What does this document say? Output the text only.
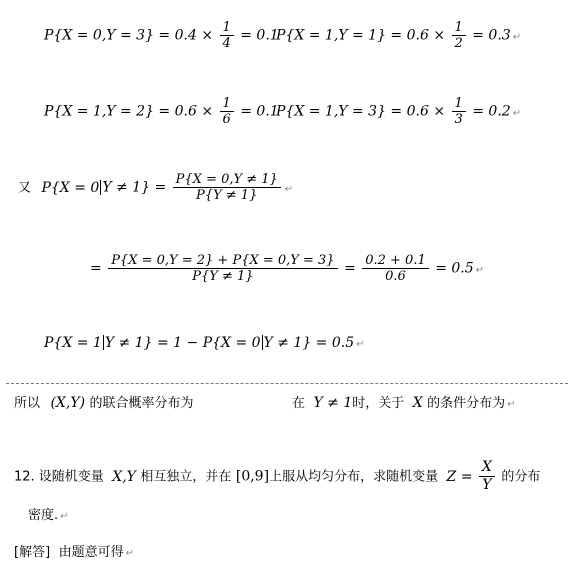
$P\{X = 0,Y = 3\} = 0.4 \times \frac{1}{4} = 0.1$
$P\{X = 1,Y = 1\} = 0.6 \times \frac{1}{2} = 0.3$ ↵
$P\{X = 1,Y = 2\} = 0.6 \times \frac{1}{6} = 0.1$
$P\{X = 1,Y = 3\} = 0.6 \times \frac{1}{3} = 0.2$ ↵
又 P{X = 0 $Y \ne 1\} = \frac{P\{X = 0,Y \ne 1\}}{P\{Y \ne 1\}}$ ↵
= $\frac{P\{X = 0,Y = 2\} + P\{X = 0,Y = 3\}}{P\{Y \ne 1\}} = \frac{0.2 + 0.1}{0.6} = 0.5$ ↵
P{X = 1 Y ≠ 1} = 1 − P{X = 0 Y ≠ 1} = 0.5 ↵
所以 (X,Y) 的联合概率分布为	在 Y ≠ 1时，关于 X 的条件分布为 ↵
12. 设随机变量 X,Y 相互独立，并在 [0,9]上服从均匀分布，求随机变量 $Z = \frac{X}{Y}$ 的分布
密度. ↵
[解答] 由题意可得 ↵
